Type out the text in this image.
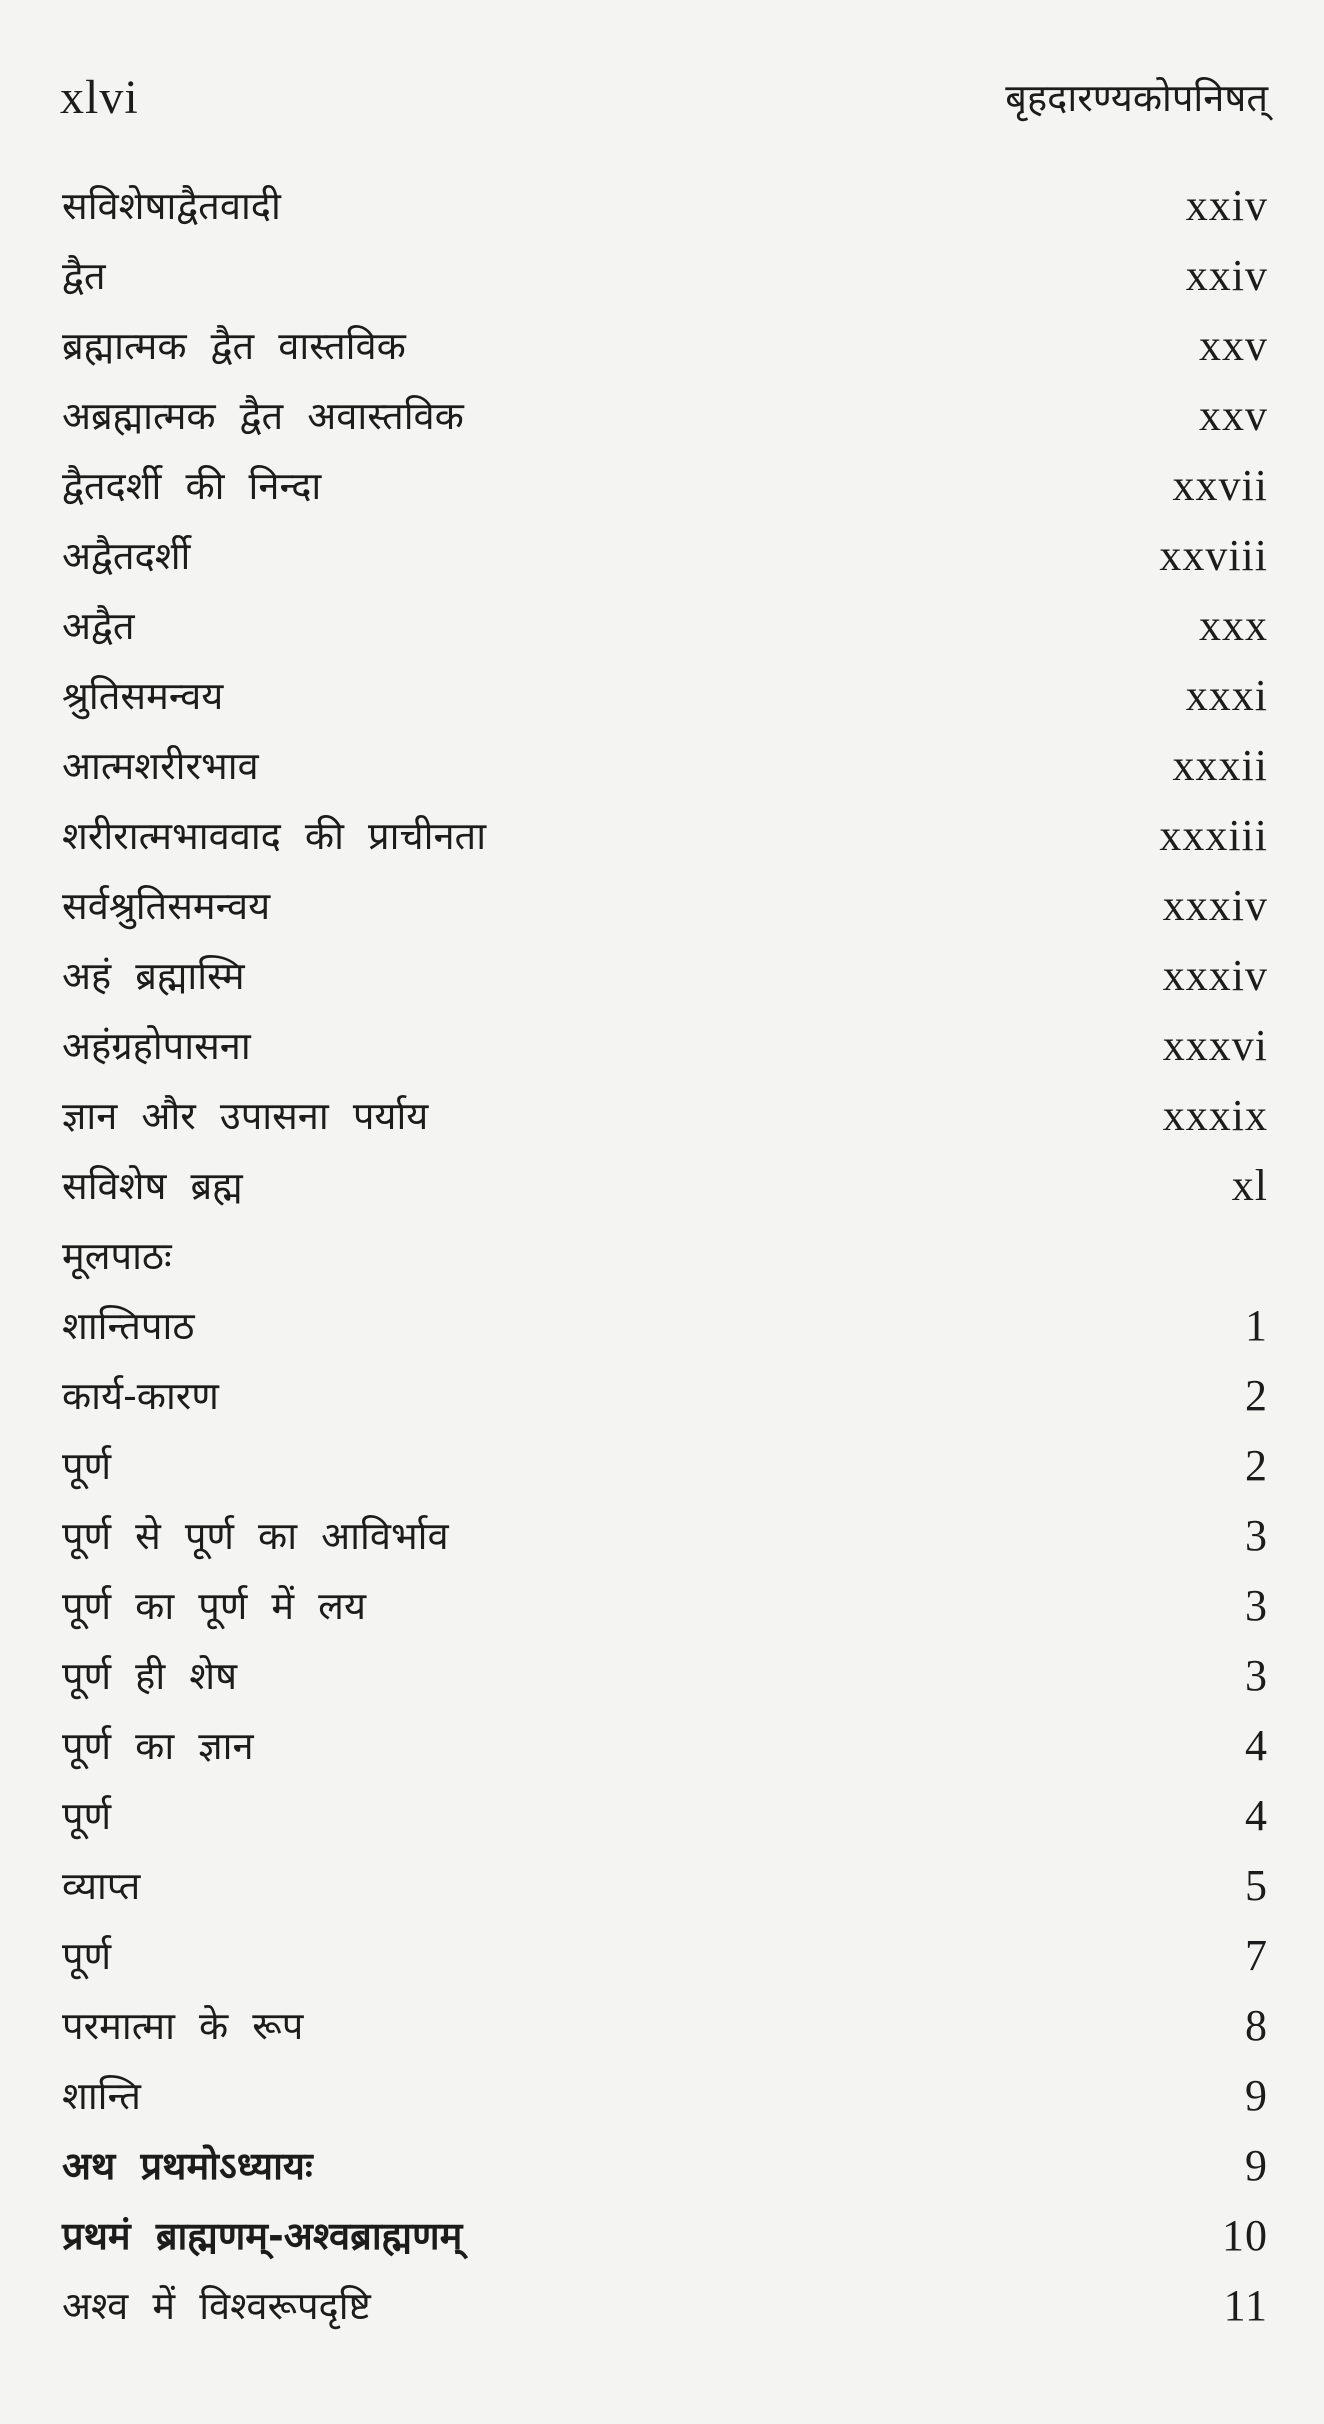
xlvi	बृहदारण्यकोपनिषत्
सविशेषाद्वैतवादी	xxiv
द्वैत	xxiv
ब्रह्मात्मक द्वैत वास्तविक	xxv
अब्रह्मात्मक द्वैत अवास्तविक	xxv
द्वैतदर्शी की निन्दा	xxvii
अद्वैतदर्शी	xxviii
अद्वैत	xxx
श्रुतिसमन्वय	xxxi
आत्मशरीरभाव	xxxii
शरीरात्मभाववाद की प्राचीनता	xxxiii
सर्वश्रुतिसमन्वय	xxxiv
अहं ब्रह्मास्मि	xxxiv
अहंग्रहोपासना	xxxvi
ज्ञान और उपासना पर्याय	xxxix
सविशेष ब्रह्म	xl
मूलपाठः
शान्तिपाठ	1
कार्य-कारण	2
पूर्ण	2
पूर्ण से पूर्ण का आविर्भाव	3
पूर्ण का पूर्ण में लय	3
पूर्ण ही शेष	3
पूर्ण का ज्ञान	4
पूर्ण	4
व्याप्त	5
पूर्ण	7
परमात्मा के रूप	8
शान्ति	9
अथ प्रथमोऽध्यायः	9
प्रथमं ब्राह्मणम्-अश्वब्राह्मणम्	10
अश्व में विश्वरूपदृष्टि	11
